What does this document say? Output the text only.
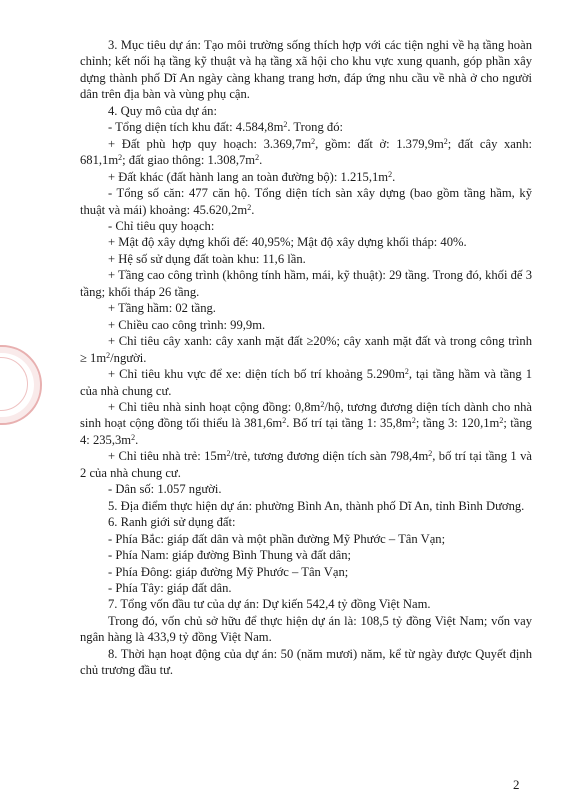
3. Mục tiêu dự án: Tạo môi trường sống thích hợp với các tiện nghi về hạ tầng hoàn chỉnh; kết nối hạ tầng kỹ thuật và hạ tầng xã hội cho khu vực xung quanh, góp phần xây dựng thành phố Dĩ An ngày càng khang trang hơn, đáp ứng nhu cầu về nhà ở cho người dân trên địa bàn và vùng phụ cận.

4. Quy mô của dự án:

- Tổng diện tích khu đất: $4.584,8m^2$. Trong đó:

+ Đất phù hợp quy hoạch: $3.369,7m^2$, gồm: đất ở: $1.379,9m^2$; đất cây xanh: $681,1m^2$; đất giao thông: $1.308,7m^2$.

+ Đất khác (đất hành lang an toàn đường bộ): $1.215,1m^2$.

- Tổng số căn: 477 căn hộ. Tổng diện tích sàn xây dựng (bao gồm tầng hầm, kỹ thuật và mái) khoảng: $45.620,2m^2$.

- Chỉ tiêu quy hoạch:

+ Mật độ xây dựng khối đế: 40,95%; Mật độ xây dựng khối tháp: 40%.

+ Hệ số sử dụng đất toàn khu: 11,6 lần.

+ Tầng cao công trình (không tính hầm, mái, kỹ thuật): 29 tầng. Trong đó, khối đế 3 tầng; khối tháp 26 tầng.

+ Tầng hầm: 02 tầng.

+ Chiều cao công trình: 99,9m.

+ Chỉ tiêu cây xanh: cây xanh mặt đất ≥20%; cây xanh mặt đất và trong công trình ≥ $1m^2$/người.

+ Chỉ tiêu khu vực để xe: diện tích bố trí khoảng $5.290m^2$, tại tầng hầm và tầng 1 của nhà chung cư.

+ Chỉ tiêu nhà sinh hoạt cộng đồng: $0,8m^2/hộ$, tương đương diện tích dành cho nhà sinh hoạt cộng đồng tối thiểu là $381,6m^2$. Bố trí tại tầng 1: $35,8m^2$; tầng 3: $120,1m^2$; tầng 4: $235,3m^2$.

+ Chỉ tiêu nhà trẻ: $15m^2$/trẻ, tương đương diện tích sàn $798,4m^2$, bố trí tại tầng 1 và 2 của nhà chung cư.

- Dân số: 1.057 người.

5. Địa điểm thực hiện dự án: phường Bình An, thành phố Dĩ An, tỉnh Bình Dương.

6. Ranh giới sử dụng đất:

- Phía Bắc: giáp đất dân và một phần đường Mỹ Phước – Tân Vạn;

- Phía Nam: giáp đường Bình Thung và đất dân;

- Phía Đông: giáp đường Mỹ Phước – Tân Vạn;

- Phía Tây: giáp đất dân.

7. Tổng vốn đầu tư của dự án: Dự kiến 542,4 tỷ đồng Việt Nam.

Trong đó, vốn chủ sở hữu để thực hiện dự án là: 108,5 tỷ đồng Việt Nam; vốn vay ngân hàng là 433,9 tỷ đồng Việt Nam.

8. Thời hạn hoạt động của dự án: 50 (năm mươi) năm, kể từ ngày được Quyết định chủ trương đầu tư.

2
